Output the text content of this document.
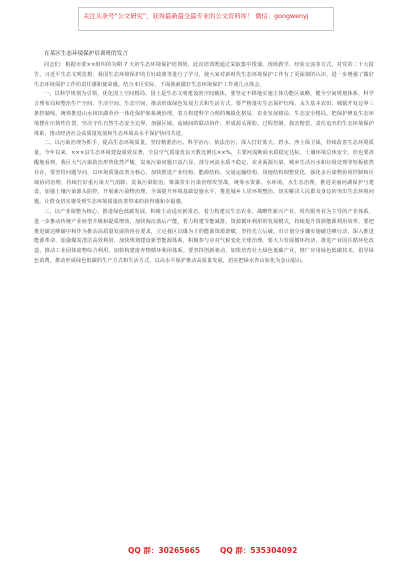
关注头条号“公文研究”，获得最新最全最专业的公文资料库！ 微信：gongwenyj

在某区生态环境保护培训班的发言

同志们：根据市委××组织的为期 7 天的生态环境保护培训班，此次培训既通过采取集中授课、现场教学、经验交流等方式，对党的二十大报告、习近平生态文明思想、我国生态环境保护的方针政策等进行了学习，使大家对新时代生态环境保护工作有了更深刻的认识，进一步增强了做好生态环境保护工作的责任感和使命感。结合本区实际，下面我就做好生态环境保护工作谈几点体会。

一、以科学规划为引领，优化国土空间格局。国土是生态文明建设的空间载体，要坚定不移地实施主体功能区战略，健全空间规划体系，科学合理布局和整治生产空间、生活空间、生态空间，推动形成绿色发展方式和生活方式。要严格落实生态保护红线、永久基本农田、城镇开发边界三条控制线，统筹推进山水林田湖草沙一体化保护和系统治理，着力构建科学合理的城镇化格局、农业发展格局、生态安全格局，把保护修复生态环境摆在压倒性位置，坚决守住自然生态安全边界，加强区域、流域间的联动协作，形成源头预防、过程控制、损害赔偿、责任追究的生态环境保护体系，推动经济社会高质量发展和生态环境高水平保护协同共进。

二、以污染治理为抓手，提高生态环境质量。坚持精准治污、科学治污、依法治污，深入打好蓝天、碧水、净土保卫战，持续改善生态环境质量。今年以来，×××县生态环境建设成效显著，全县空气质量优良天数比例达××%，主要河流断面水质稳定达标，土壤环境总体安全。但也要清醒地看到，我区大气污染防治形势依然严峻，臭氧污染问题日益凸显，部分河流水质不稳定，农业面源污染、城乡生活污水和垃圾处理等短板依然存在。要坚持问题导向，以环境质量改善为核心，加快推进产业结构、能源结构、交通运输结构、用地结构调整优化，强化多污染物协同控制和区域协同治理，持续打好重污染天气消除、臭氧污染防治、柴油货车污染治理攻坚战，统筹水资源、水环境、水生态治理，推进美丽河湖保护与建设，加强土壤污染源头防控，开展新污染物治理，全面提升环境基础设施水平，推进城乡人居环境整治，切实解决人民群众身边的突出生态环境问题，让群众切实感受到生态环境质量改善带来的获得感和幸福感。

三、以产业调整为核心，推进绿色低碳发展。积极主动适应新常态，着力构建以生态农业、战略性新兴产业、现代服务业为主导的产业体系，进一步推动传统产业转型升级和提质增效，加快淘汰落后产能，着力构建节能减排、资源循环利用的发展模式，持续提升资源能源利用效率。要把推进碳达峰碳中和作为推动高质量发展的内在要求，立足我区以煤为主的能源资源禀赋，坚持先立后破，有计划分步骤实施碳达峰行动，深入推进能源革命，加强煤炭清洁高效利用，加快规划建设新型能源体系，积极参与应对气候变化全球治理。要大力发展循环经济，推进产业园区循环化改造，推动工业固体废物综合利用，加快构建废弃物循环利用体系。要坚持创新驱动，加快培育壮大绿色低碳产业，推广应用绿色低碳技术，倡导绿色消费，推动形成绿色低碳的生产方式和生活方式，以高水平保护推动高质量发展，切实把绿水青山转化为金山银山。

QQ 群：30265665	QQ 群：535304092
